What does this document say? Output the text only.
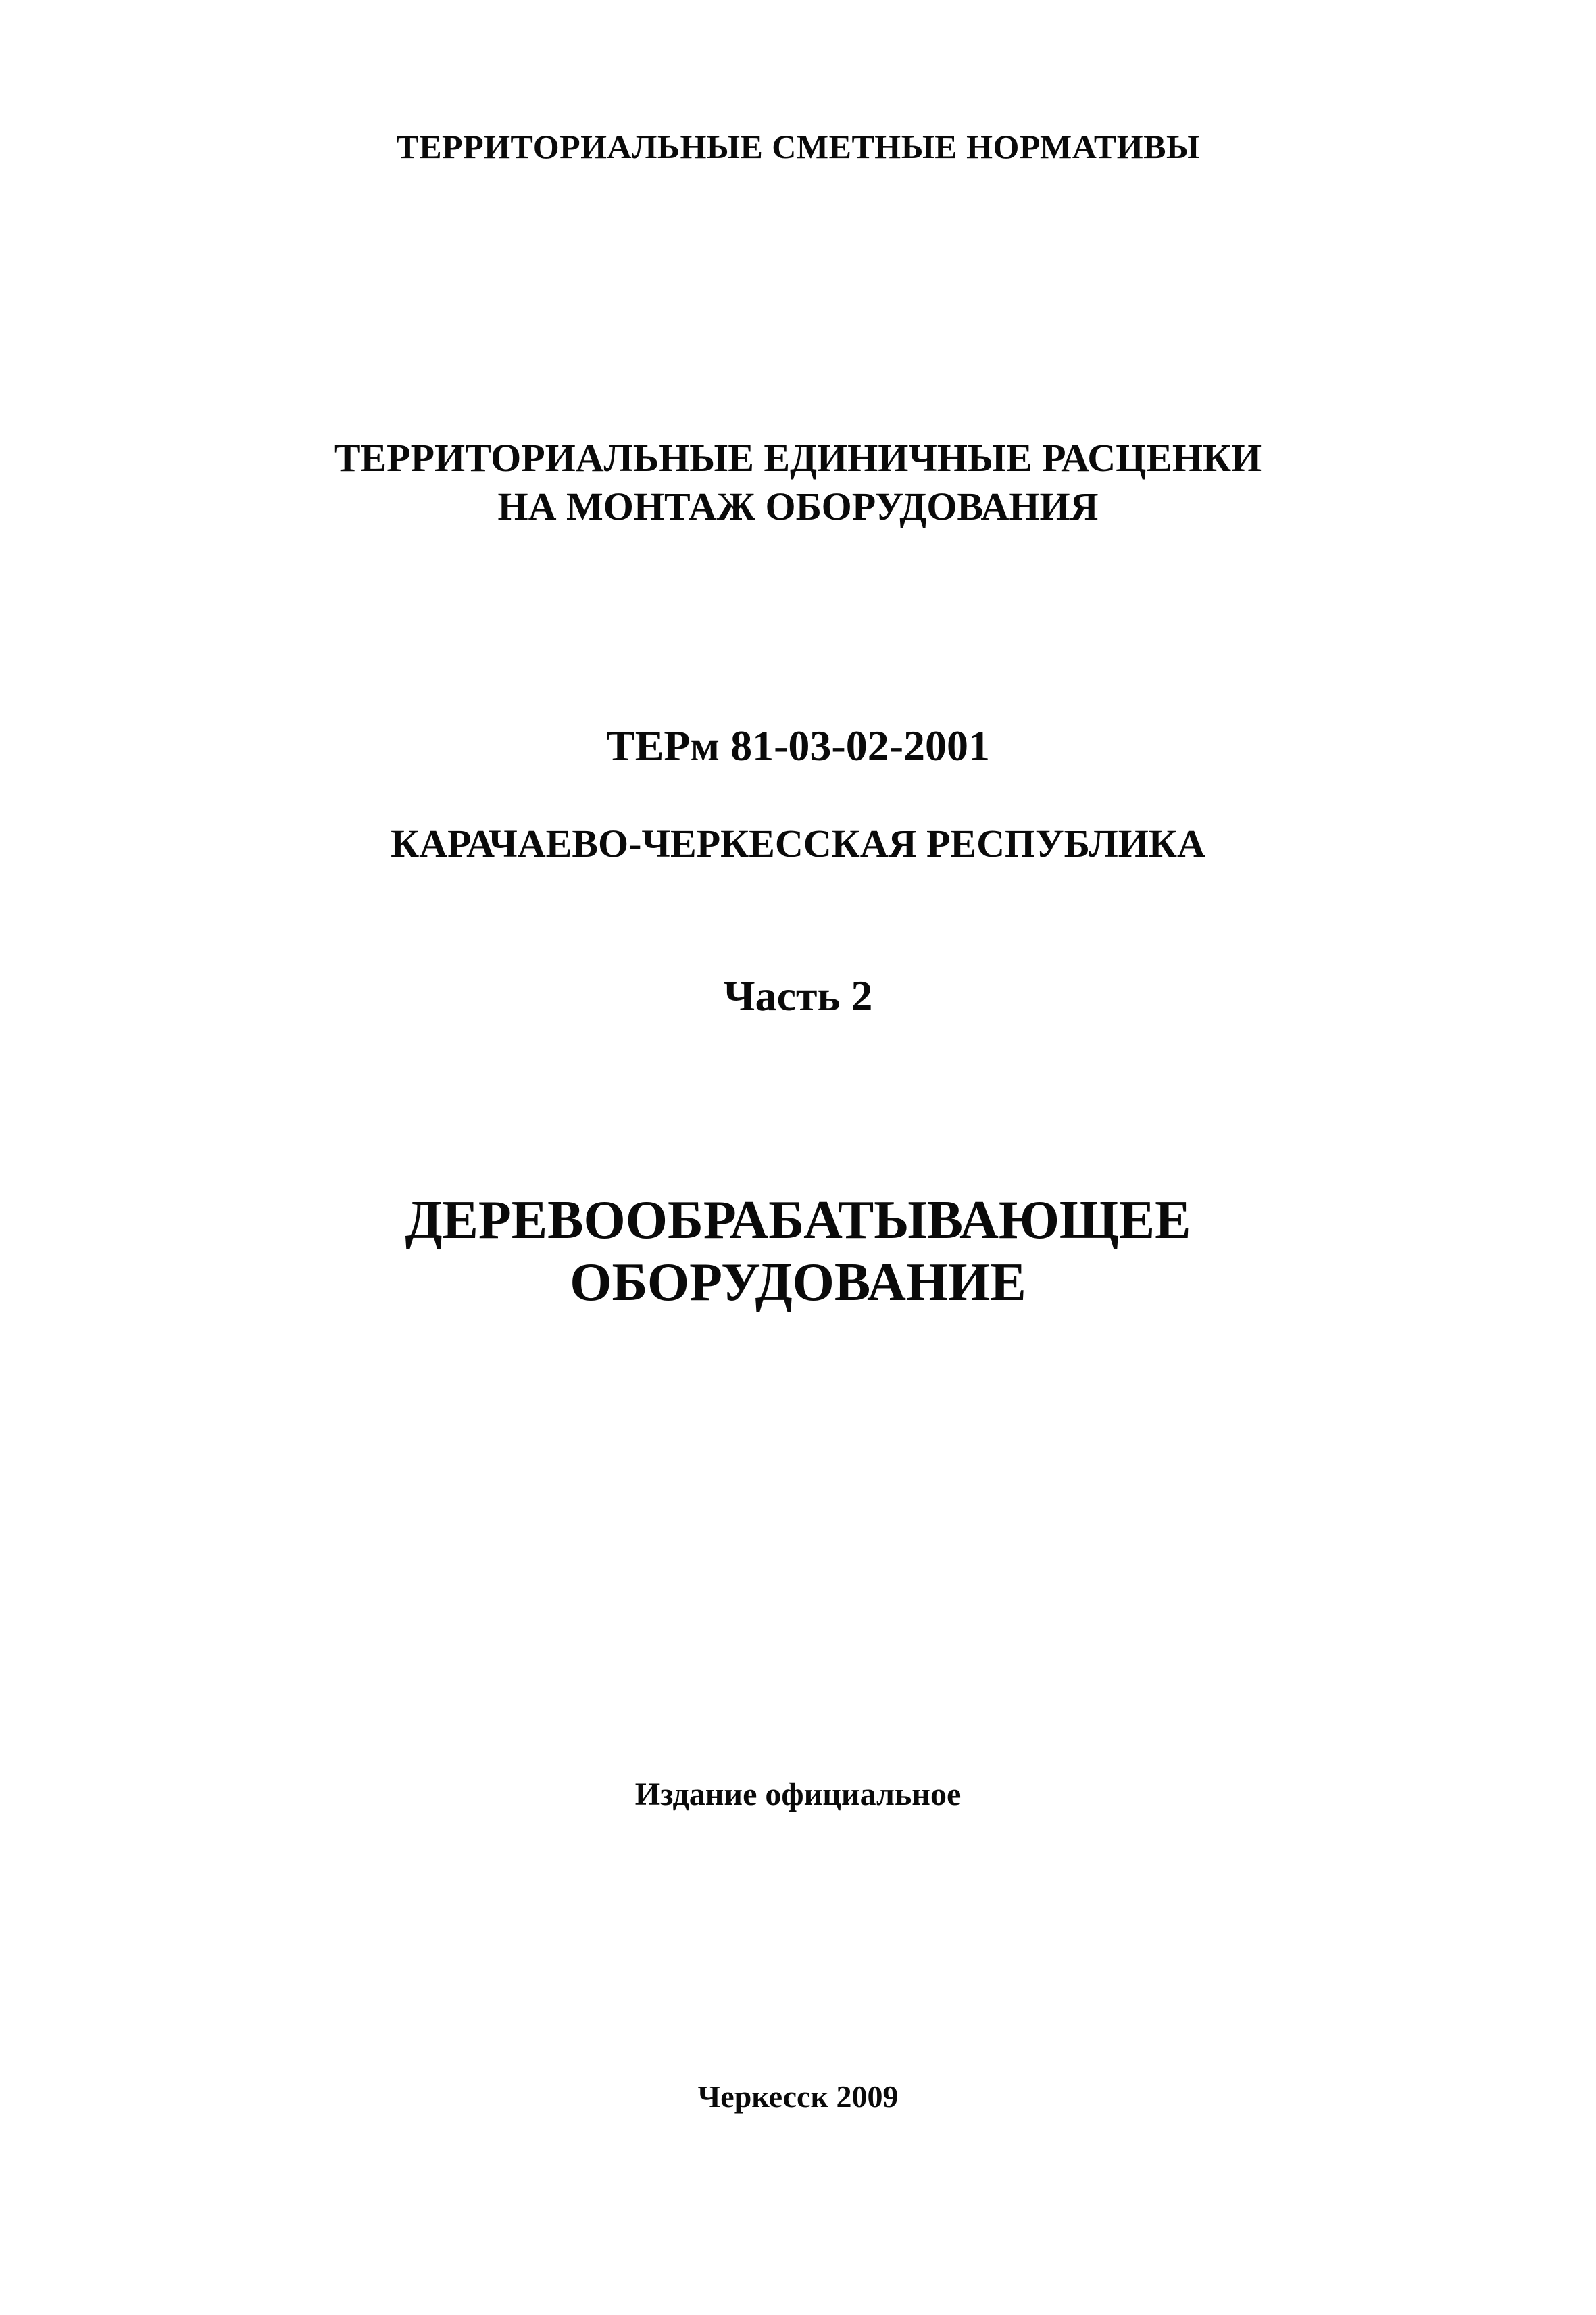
ТЕРРИТОРИАЛЬНЫЕ СМЕТНЫЕ НОРМАТИВЫ
ТЕРРИТОРИАЛЬНЫЕ ЕДИНИЧНЫЕ РАСЦЕНКИ
НА МОНТАЖ ОБОРУДОВАНИЯ
ТЕРм 81-03-02-2001
КАРАЧАЕВО-ЧЕРКЕССКАЯ РЕСПУБЛИКА
Часть 2
ДЕРЕВООБРАБАТЫВАЮЩЕЕ
ОБОРУДОВАНИЕ
Издание официальное
Черкесск 2009
